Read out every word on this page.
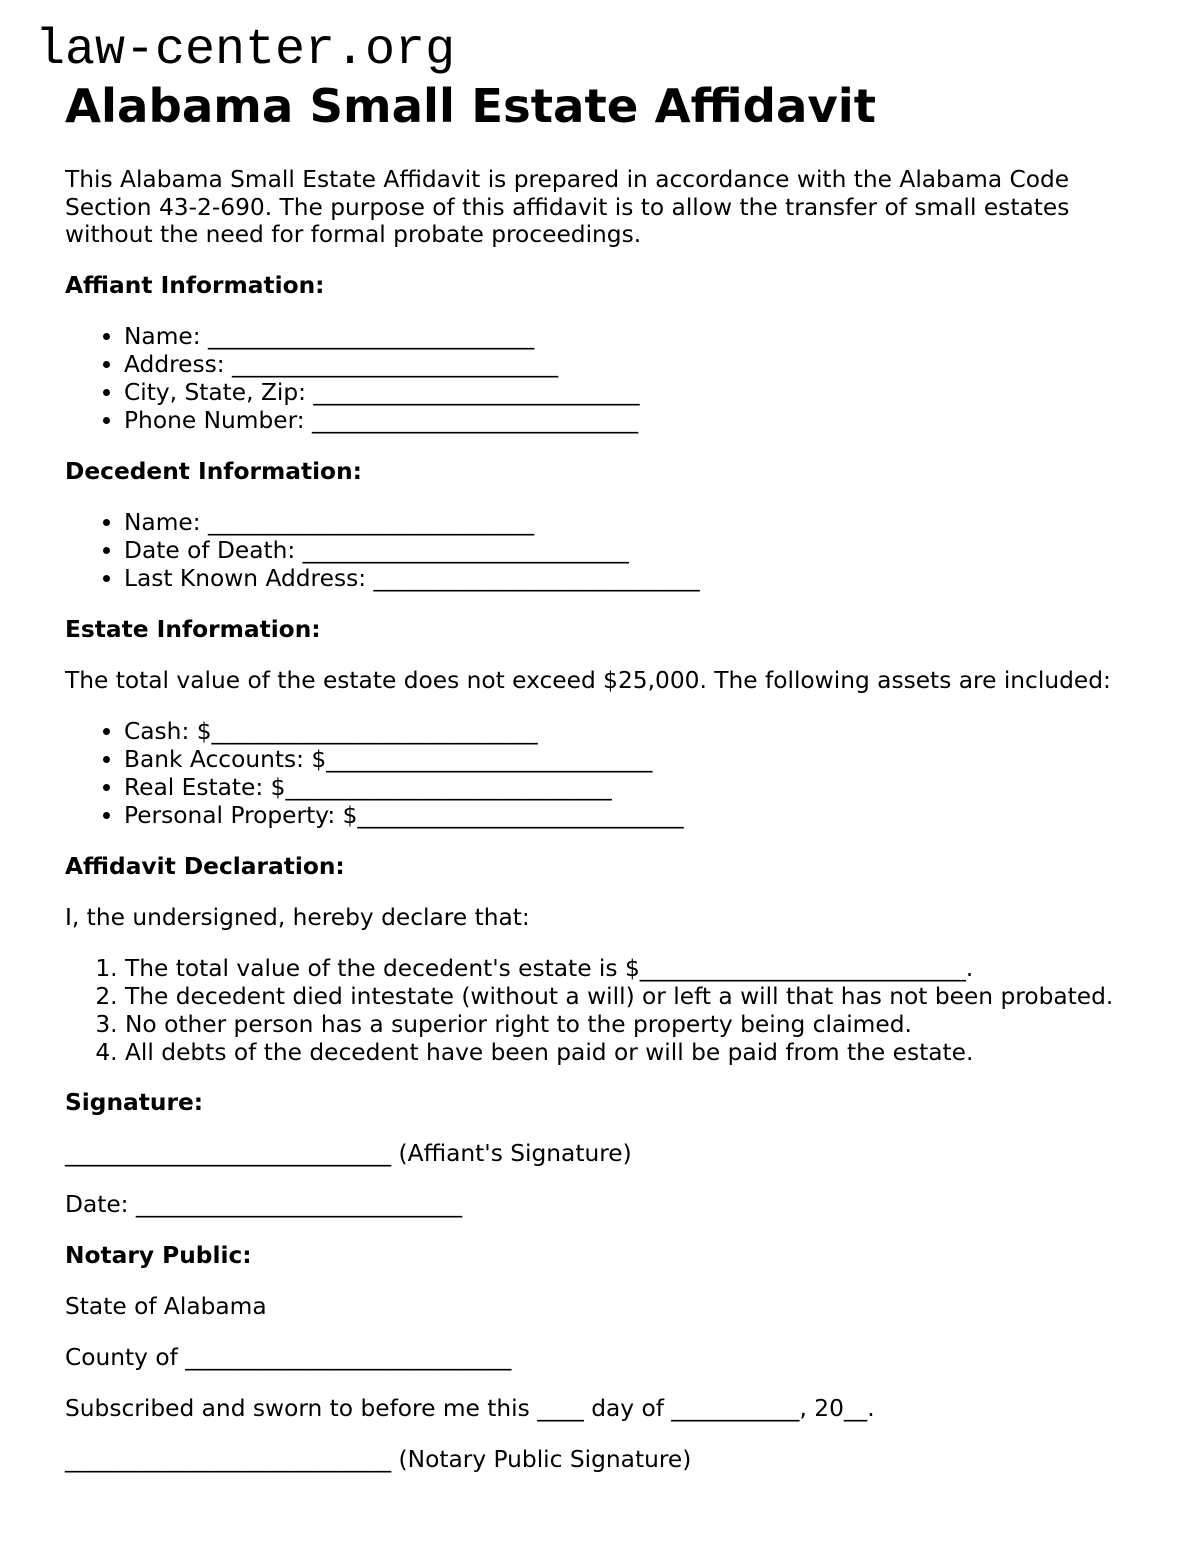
law-center.org

Alabama Small Estate Affidavit

This Alabama Small Estate Affidavit is prepared in accordance with the Alabama Code Section 43-2-690. The purpose of this affidavit is to allow the transfer of small estates without the need for formal probate proceedings.

Affiant Information:

• Name: ____________________________
• Address: ____________________________
• City, State, Zip: ____________________________
• Phone Number: ____________________________

Decedent Information:

• Name: ____________________________
• Date of Death: ____________________________
• Last Known Address: ____________________________

Estate Information:

The total value of the estate does not exceed $25,000. The following assets are included:

• Cash: $____________________________
• Bank Accounts: $____________________________
• Real Estate: $____________________________
• Personal Property: $____________________________

Affidavit Declaration:

I, the undersigned, hereby declare that:

1. The total value of the decedent's estate is $____________________________.
2. The decedent died intestate (without a will) or left a will that has not been probated.
3. No other person has a superior right to the property being claimed.
4. All debts of the decedent have been paid or will be paid from the estate.

Signature:

____________________________ (Affiant's Signature)

Date: ____________________________

Notary Public:

State of Alabama

County of ____________________________

Subscribed and sworn to before me this ____ day of ___________, 20__.

____________________________ (Notary Public Signature)
